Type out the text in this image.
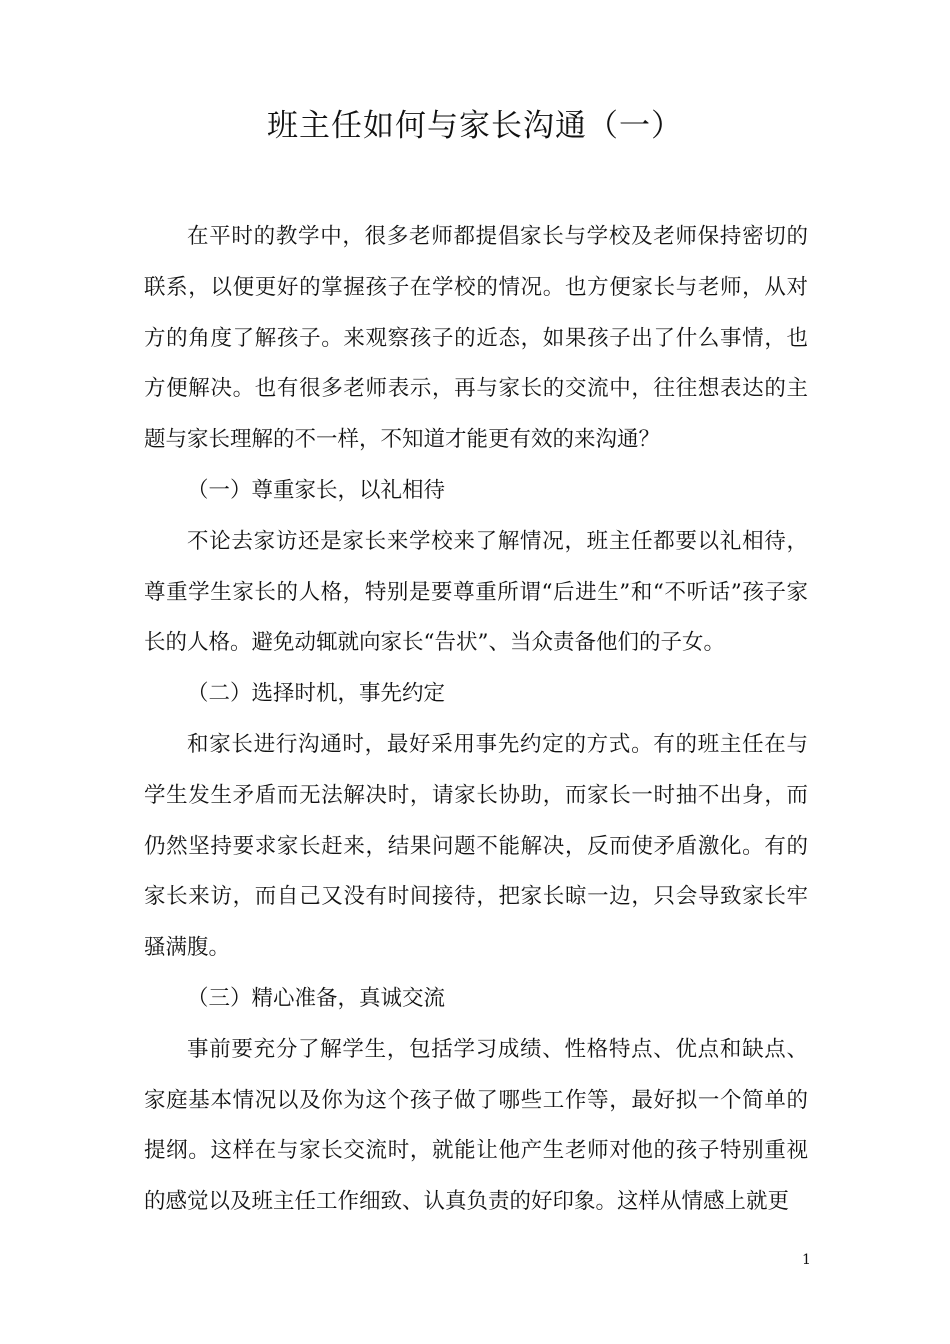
班主任如何与家长沟通（一）

在平时的教学中，很多老师都提倡家长与学校及老师保持密切的联系，以便更好的掌握孩子在学校的情况。也方便家长与老师，从对方的角度了解孩子。来观察孩子的近态，如果孩子出了什么事情，也方便解决。也有很多老师表示，再与家长的交流中，往往想表达的主题与家长理解的不一样，不知道才能更有效的来沟通？

（一）尊重家长，以礼相待

不论去家访还是家长来学校来了解情况，班主任都要以礼相待，尊重学生家长的人格，特别是要尊重所谓“后进生”和“不听话”孩子家长的人格。避免动辄就向家长“告状”、当众责备他们的子女。

（二）选择时机，事先约定

和家长进行沟通时，最好采用事先约定的方式。有的班主任在与学生发生矛盾而无法解决时，请家长协助，而家长一时抽不出身，而仍然坚持要求家长赶来，结果问题不能解决，反而使矛盾激化。有的家长来访，而自己又没有时间接待，把家长晾一边，只会导致家长牢骚满腹。

（三）精心准备，真诚交流

事前要充分了解学生，包括学习成绩、性格特点、优点和缺点、家庭基本情况以及你为这个孩子做了哪些工作等，最好拟一个简单的提纲。这样在与家长交流时，就能让他产生老师对他的孩子特别重视的感觉以及班主任工作细致、认真负责的好印象。这样从情感上就更

1
